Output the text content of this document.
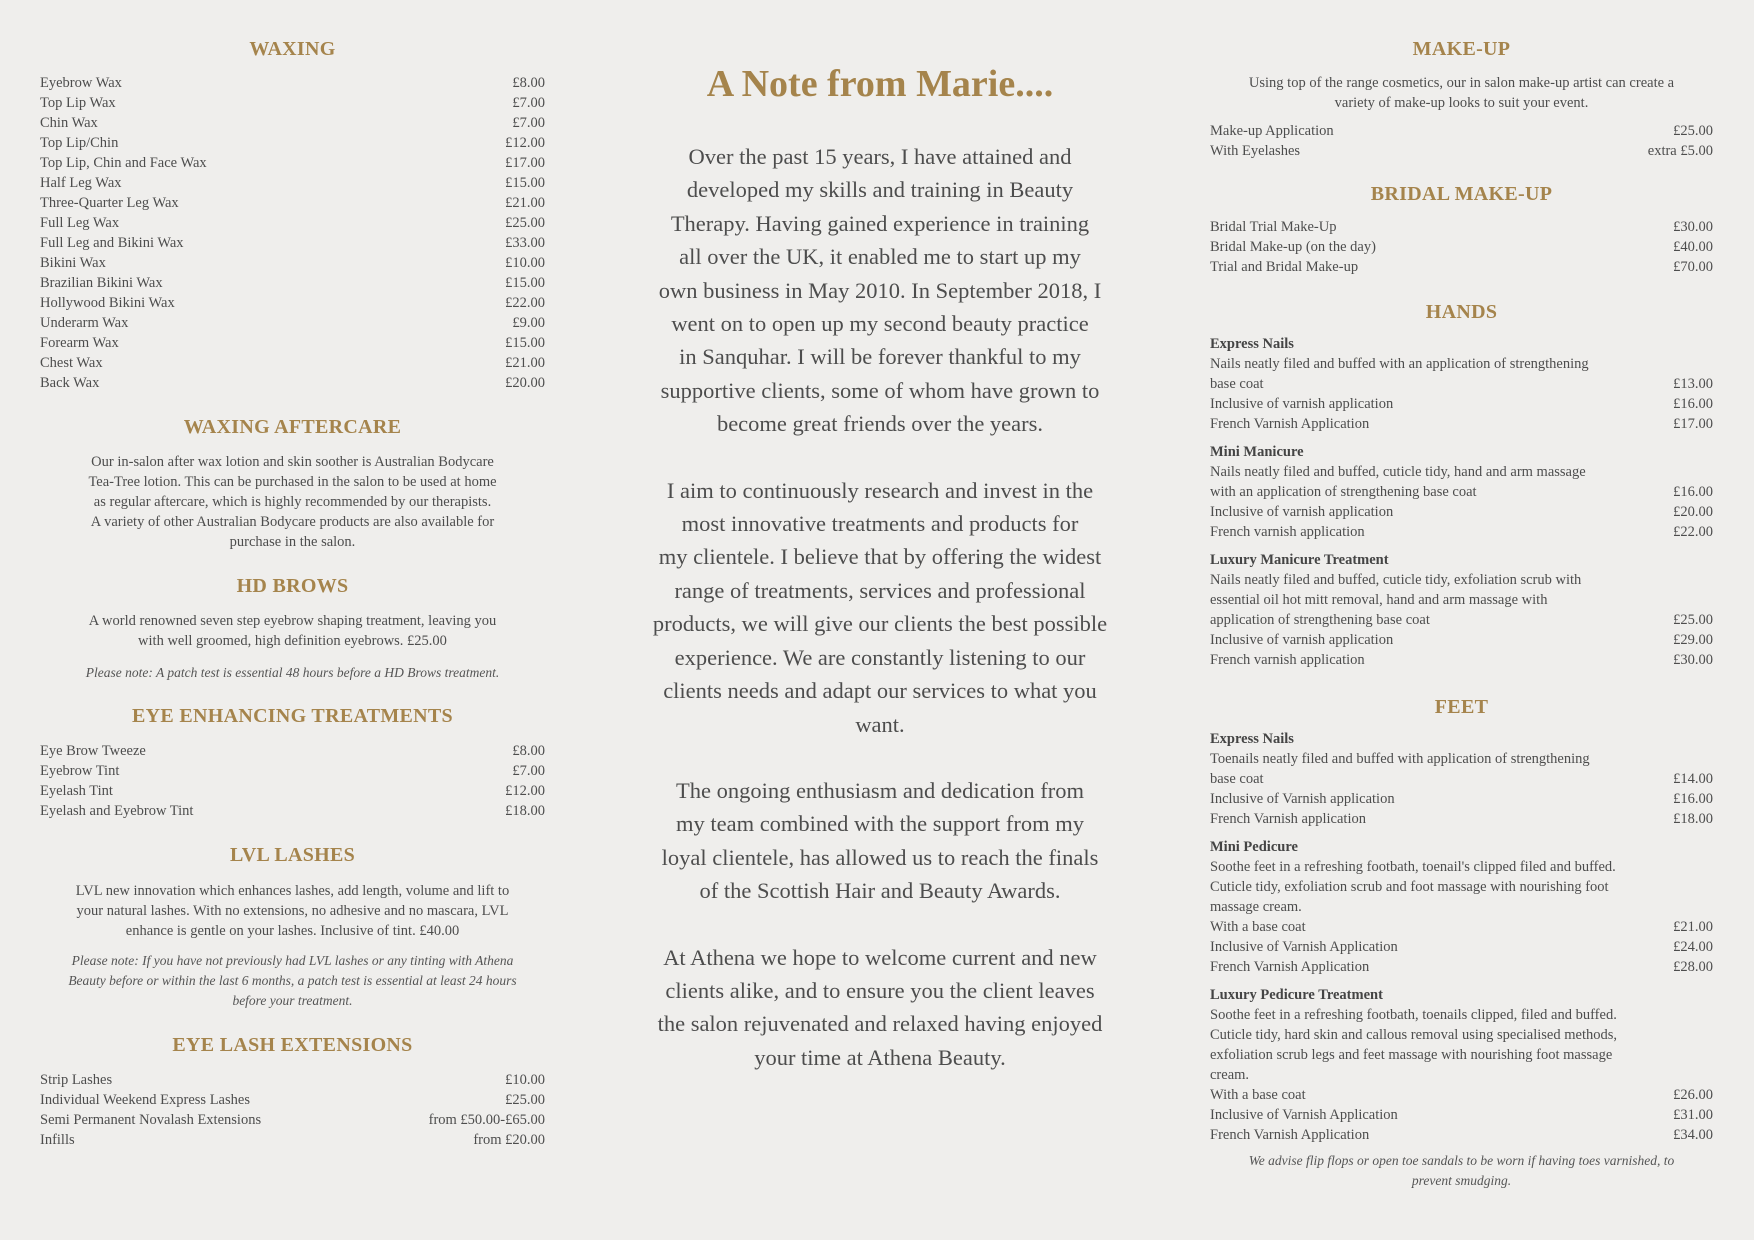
WAXING
Eyebrow Wax	£8.00
Top Lip Wax	£7.00
Chin Wax	£7.00
Top Lip/Chin	£12.00
Top Lip, Chin and Face Wax	£17.00
Half Leg Wax	£15.00
Three-Quarter Leg Wax	£21.00
Full Leg Wax	£25.00
Full Leg and Bikini Wax	£33.00
Bikini Wax	£10.00
Brazilian Bikini Wax	£15.00
Hollywood Bikini Wax	£22.00
Underarm Wax	£9.00
Forearm Wax	£15.00
Chest Wax	£21.00
Back Wax	£20.00
WAXING AFTERCARE
Our in-salon after wax lotion and skin soother is Australian Bodycare
Tea-Tree lotion. This can be purchased in the salon to be used at home
as regular aftercare, which is highly recommended by our therapists.
A variety of other Australian Bodycare products are also available for
purchase in the salon.
HD BROWS
A world renowned seven step eyebrow shaping treatment, leaving you
with well groomed, high definition eyebrows. £25.00

Please note: A patch test is essential 48 hours before a HD Brows treatment.

EYE ENHANCING TREATMENTS
Eye Brow Tweeze	£8.00
Eyebrow Tint	£7.00
Eyelash Tint	£12.00
Eyelash and Eyebrow Tint	£18.00
LVL LASHES
LVL new innovation which enhances lashes, add length, volume and lift to
your natural lashes. With no extensions, no adhesive and no mascara, LVL
enhance is gentle on your lashes. Inclusive of tint. £40.00
Please note: If you have not previously had LVL lashes or any tinting with Athena
Beauty before or within the last 6 months, a patch test is essential at least 24 hours
before your treatment.
EYE LASH EXTENSIONS
Strip Lashes	£10.00
Individual Weekend Express Lashes	£25.00
Semi Permanent Novalash Extensions	from £50.00-£65.00
Infills	from £20.00
A Note from Marie....

Over the past 15 years, I have attained and

developed my skills and training in Beauty

Therapy. Having gained experience in training

all over the UK, it enabled me to start up my

own business in May 2010. In September 2018, I

went on to open up my second beauty practice

in Sanquhar. I will be forever thankful to my

supportive clients, some of whom have grown to

become great friends over the years.

I aim to continuously research and invest in the

most innovative treatments and products for

my clientele. I believe that by offering the widest

range of treatments, services and professional

products, we will give our clients the best possible

experience. We are constantly listening to our

clients needs and adapt our services to what you

want.

The ongoing enthusiasm and dedication from

my team combined with the support from my

loyal clientele, has allowed us to reach the finals

of the Scottish Hair and Beauty Awards.

At Athena we hope to welcome current and new

clients alike, and to ensure you the client leaves

the salon rejuvenated and relaxed having enjoyed

your time at Athena Beauty.

MAKE-UP
Using top of the range cosmetics, our in salon make-up artist can create a
variety of make-up looks to suit your event.
Make-up Application	£25.00
With Eyelashes	extra £5.00
BRIDAL MAKE-UP
Bridal Trial Make-Up	£30.00
Bridal Make-up (on the day)	£40.00
Trial and Bridal Make-up	£70.00
HANDS
Express Nails
Nails neatly filed and buffed with an application of strengthening
base coat	£13.00
Inclusive of varnish application	£16.00
French Varnish Application	£17.00
Mini Manicure
Nails neatly filed and buffed, cuticle tidy, hand and arm massage
with an application of strengthening base coat	£16.00
Inclusive of varnish application	£20.00
French varnish application	£22.00
Luxury Manicure Treatment
Nails neatly filed and buffed, cuticle tidy, exfoliation scrub with
essential oil hot mitt removal, hand and arm massage with
application of strengthening base coat	£25.00
Inclusive of varnish application	£29.00
French varnish application	£30.00
FEET
Express Nails
Toenails neatly filed and buffed with application of strengthening
base coat	£14.00
Inclusive of Varnish application	£16.00
French Varnish application	£18.00
Mini Pedicure
Soothe feet in a refreshing footbath, toenail's clipped filed and buffed.
Cuticle tidy, exfoliation scrub and foot massage with nourishing foot
massage cream.
With a base coat	£21.00
Inclusive of Varnish Application	£24.00
French Varnish Application	£28.00
Luxury Pedicure Treatment
Soothe feet in a refreshing footbath, toenails clipped, filed and buffed.
Cuticle tidy, hard skin and callous removal using specialised methods,
exfoliation scrub legs and feet massage with nourishing foot massage
cream.
With a base coat	£26.00
Inclusive of Varnish Application	£31.00
French Varnish Application	£34.00
We advise flip flops or open toe sandals to be worn if having toes varnished, to
prevent smudging.
